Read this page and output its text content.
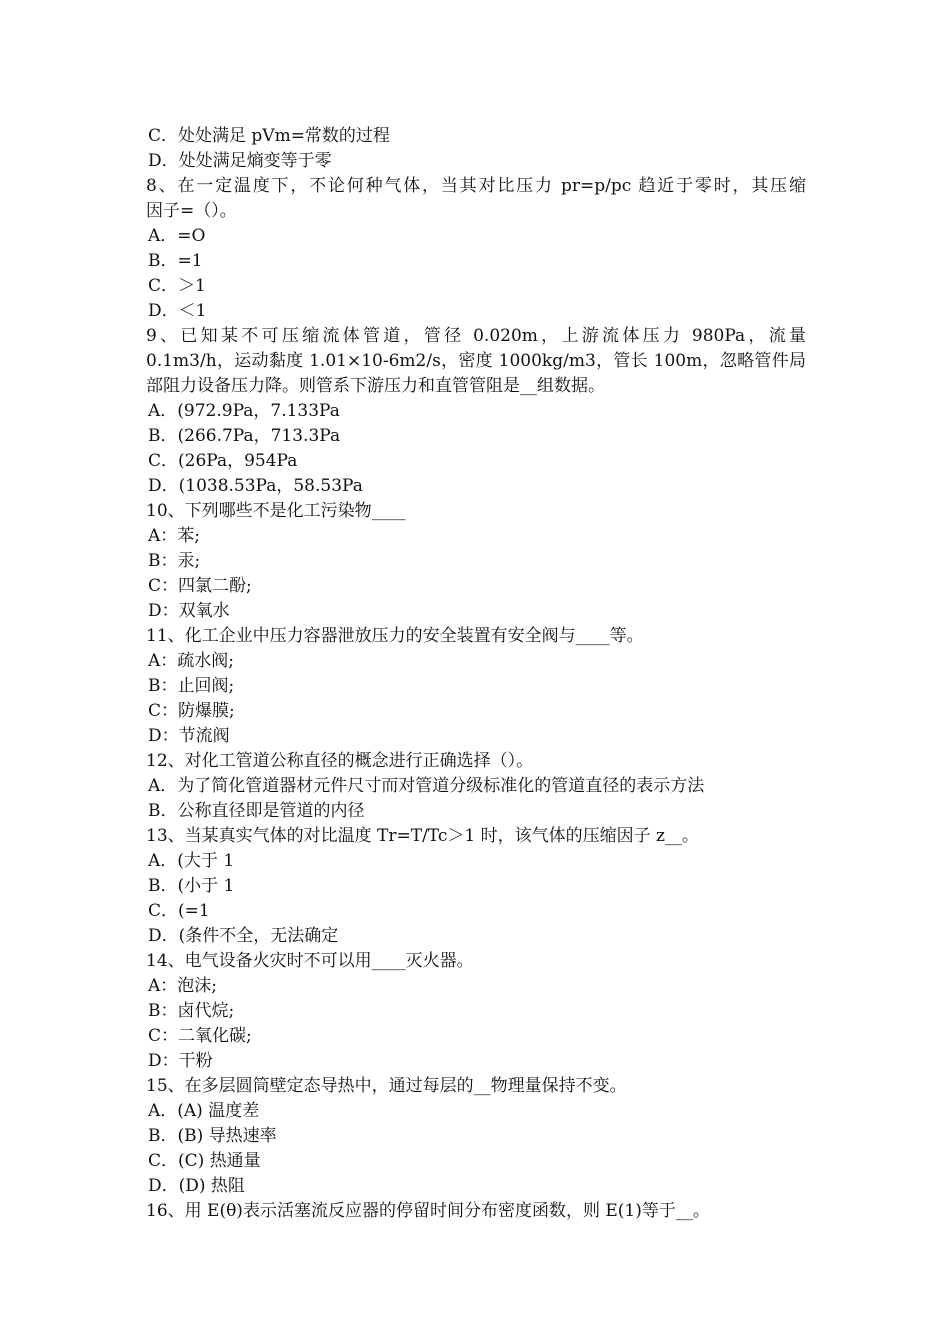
C．处处满足 pVm=常数的过程
D．处处满足熵变等于零
8、在一定温度下，不论何种气体，当其对比压力 pr=p/pc 趋近于零时，其压缩
因子=（）。
A．=O
B．=1
C．＞1
D．＜1
9、已知某不可压缩流体管道，管径 0.020m，上游流体压力 980Pa，流量
0.1m3/h，运动黏度 1.01×10-6m2/s，密度 1000kg/m3，管长 100m，忽略管件局
部阻力设备压力降。则管系下游压力和直管管阻是__组数据。
A．(972.9Pa，7.133Pa
B．(266.7Pa，713.3Pa
C．(26Pa，954Pa
D．(1038.53Pa，58.53Pa
10、下列哪些不是化工污染物____
A：苯;
B：汞;
C：四氯二酚;
D：双氧水
11、化工企业中压力容器泄放压力的安全装置有安全阀与____等。
A：疏水阀;
B：止回阀;
C：防爆膜;
D：节流阀
12、对化工管道公称直径的概念进行正确选择（）。
A．为了简化管道器材元件尺寸而对管道分级标准化的管道直径的表示方法
B．公称直径即是管道的内径
13、当某真实气体的对比温度 Tr=T/Tc＞1 时，该气体的压缩因子 z__。
A．(大于 1
B．(小于 1
C．(=1
D．(条件不全，无法确定
14、电气设备火灾时不可以用____灭火器。
A：泡沫;
B：卤代烷;
C：二氧化碳;
D：干粉
15、在多层圆筒壁定态导热中，通过每层的__物理量保持不变。
A．(A) 温度差
B．(B) 导热速率
C．(C) 热通量
D．(D) 热阻
16、用 E(θ)表示活塞流反应器的停留时间分布密度函数，则 E(1)等于__。
